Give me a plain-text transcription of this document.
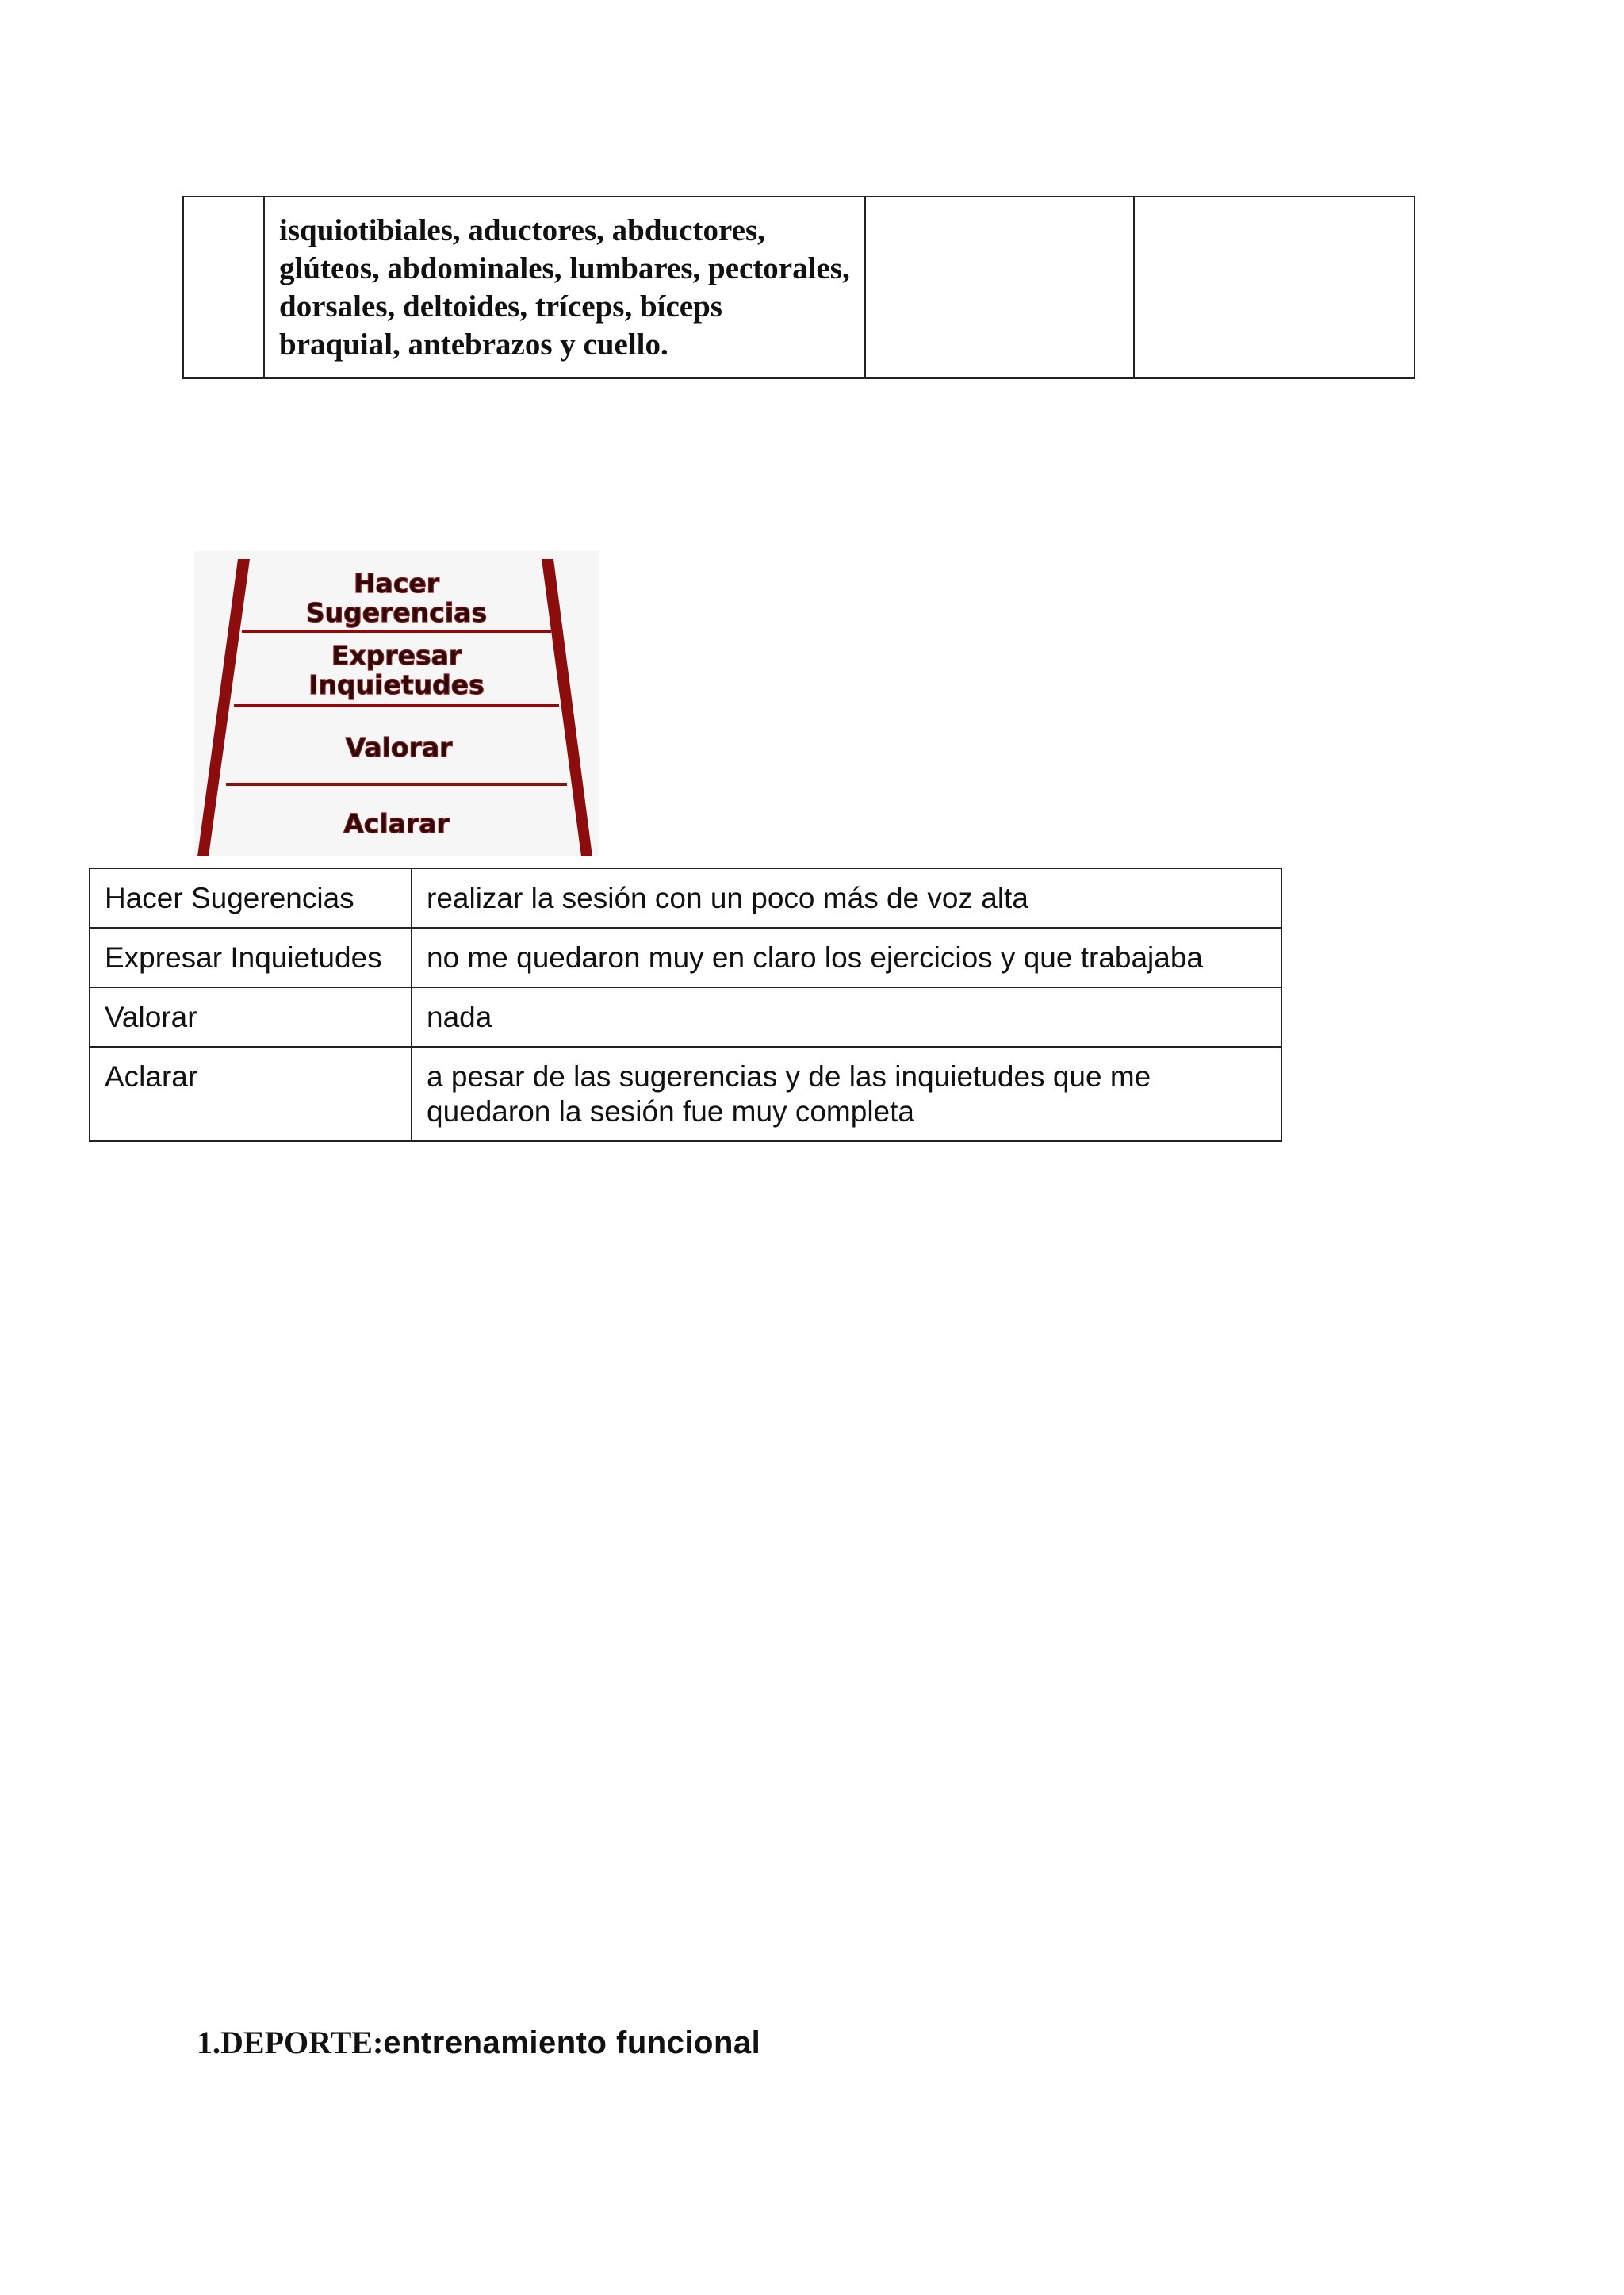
	isquiotibiales, aductores, abductores, glúteos, abdominales, lumbares, pectorales, dorsales, deltoides, tríceps, bíceps braquial, antebrazos y cuello.		
Hacer
Sugerencias
Expresar
Inquietudes
Valorar
Aclarar
Hacer Sugerencias	realizar la sesión con un poco más de voz alta
Expresar Inquietudes	no me quedaron muy en claro los ejercicios y que trabajaba
Valorar	nada
Aclarar	a pesar de las sugerencias y de las inquietudes que me quedaron la sesión fue muy completa
1.DEPORTE:entrenamiento funcional
